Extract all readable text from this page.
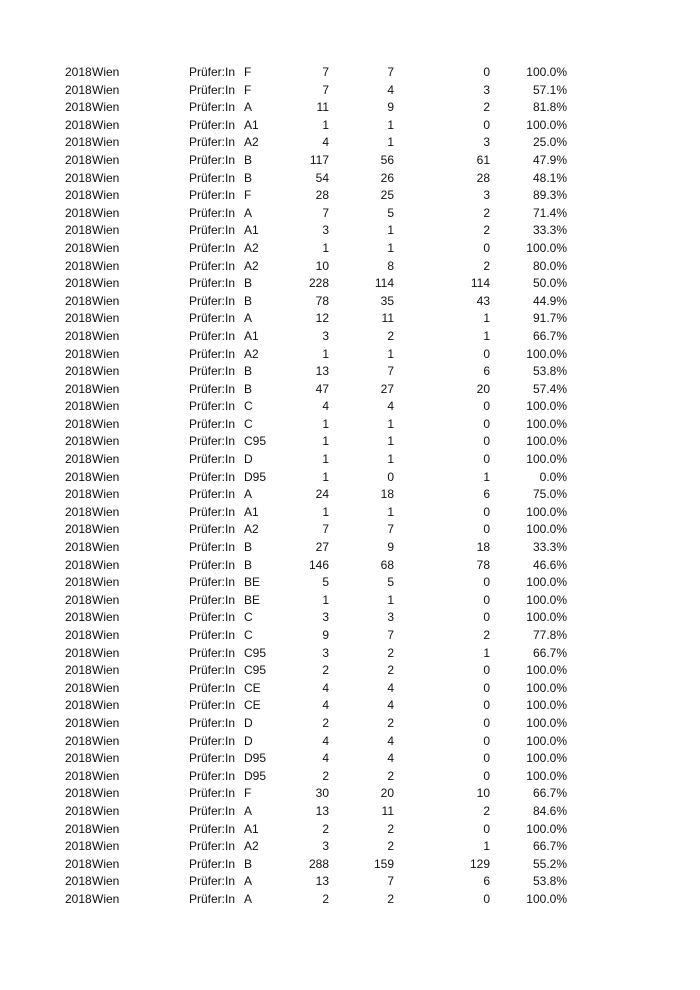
2018 Wien	Prüfer:In F	7	7	0	100.0%
2018 Wien	Prüfer:In F	7	4	3	57.1%
2018 Wien	Prüfer:In A	11	9	2	81.8%
2018 Wien	Prüfer:In A1	1	1	0	100.0%
2018 Wien	Prüfer:In A2	4	1	3	25.0%
2018 Wien	Prüfer:In B	117	56	61	47.9%
2018 Wien	Prüfer:In B	54	26	28	48.1%
2018 Wien	Prüfer:In F	28	25	3	89.3%
2018 Wien	Prüfer:In A	7	5	2	71.4%
2018 Wien	Prüfer:In A1	3	1	2	33.3%
2018 Wien	Prüfer:In A2	1	1	0	100.0%
2018 Wien	Prüfer:In A2	10	8	2	80.0%
2018 Wien	Prüfer:In B	228	114	114	50.0%
2018 Wien	Prüfer:In B	78	35	43	44.9%
2018 Wien	Prüfer:In A	12	11	1	91.7%
2018 Wien	Prüfer:In A1	3	2	1	66.7%
2018 Wien	Prüfer:In A2	1	1	0	100.0%
2018 Wien	Prüfer:In B	13	7	6	53.8%
2018 Wien	Prüfer:In B	47	27	20	57.4%
2018 Wien	Prüfer:In C	4	4	0	100.0%
2018 Wien	Prüfer:In C	1	1	0	100.0%
2018 Wien	Prüfer:In C95	1	1	0	100.0%
2018 Wien	Prüfer:In D	1	1	0	100.0%
2018 Wien	Prüfer:In D95	1	0	1	0.0%
2018 Wien	Prüfer:In A	24	18	6	75.0%
2018 Wien	Prüfer:In A1	1	1	0	100.0%
2018 Wien	Prüfer:In A2	7	7	0	100.0%
2018 Wien	Prüfer:In B	27	9	18	33.3%
2018 Wien	Prüfer:In B	146	68	78	46.6%
2018 Wien	Prüfer:In BE	5	5	0	100.0%
2018 Wien	Prüfer:In BE	1	1	0	100.0%
2018 Wien	Prüfer:In C	3	3	0	100.0%
2018 Wien	Prüfer:In C	9	7	2	77.8%
2018 Wien	Prüfer:In C95	3	2	1	66.7%
2018 Wien	Prüfer:In C95	2	2	0	100.0%
2018 Wien	Prüfer:In CE	4	4	0	100.0%
2018 Wien	Prüfer:In CE	4	4	0	100.0%
2018 Wien	Prüfer:In D	2	2	0	100.0%
2018 Wien	Prüfer:In D	4	4	0	100.0%
2018 Wien	Prüfer:In D95	4	4	0	100.0%
2018 Wien	Prüfer:In D95	2	2	0	100.0%
2018 Wien	Prüfer:In F	30	20	10	66.7%
2018 Wien	Prüfer:In A	13	11	2	84.6%
2018 Wien	Prüfer:In A1	2	2	0	100.0%
2018 Wien	Prüfer:In A2	3	2	1	66.7%
2018 Wien	Prüfer:In B	288	159	129	55.2%
2018 Wien	Prüfer:In A	13	7	6	53.8%
2018 Wien	Prüfer:In A	2	2	0	100.0%
